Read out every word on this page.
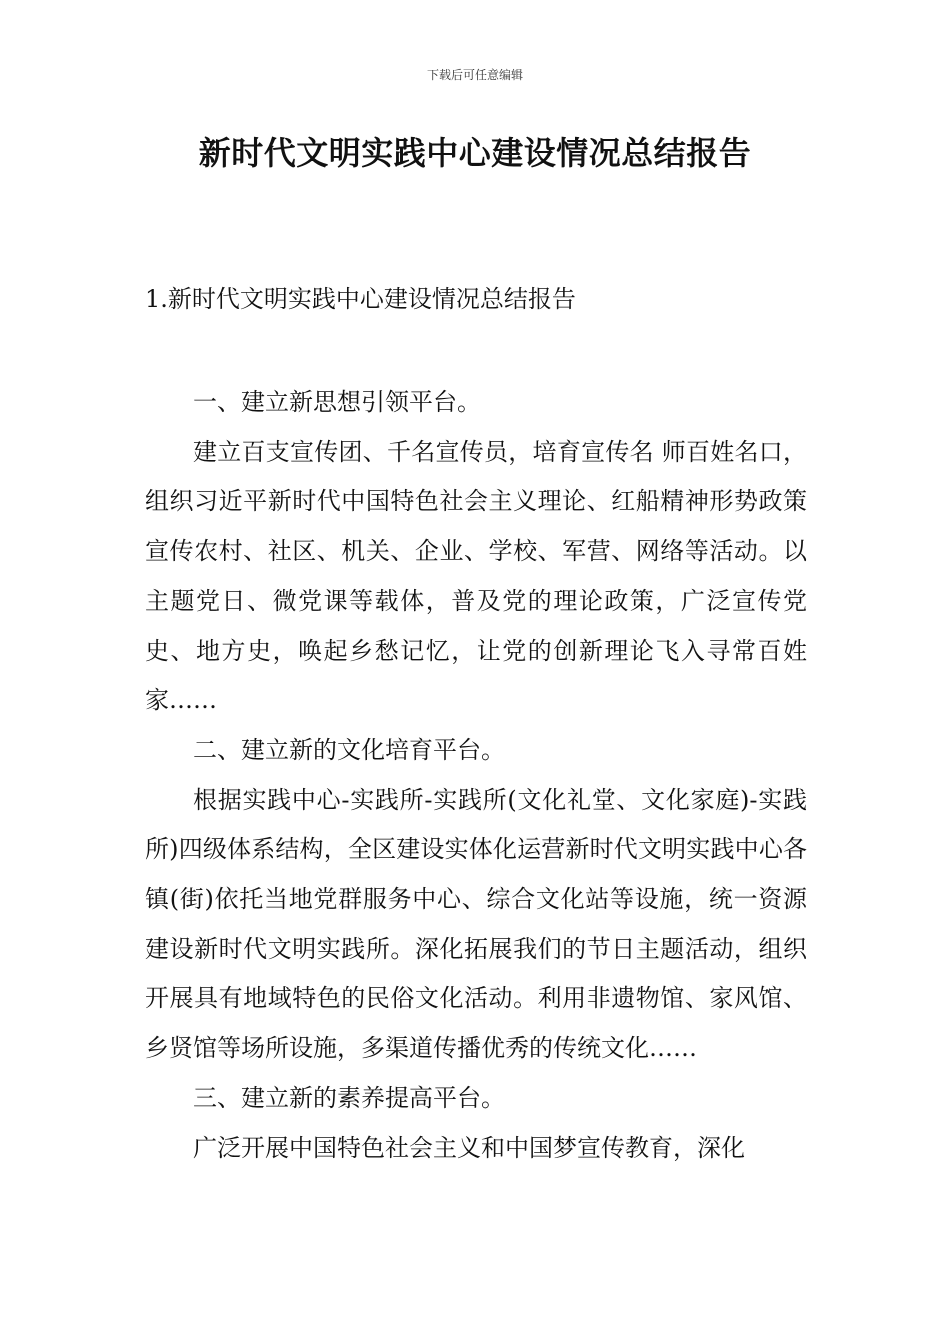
下载后可任意编辑
新时代文明实践中心建设情况总结报告
1.新时代文明实践中心建设情况总结报告

一、建立新思想引领平台。

建立百支宣传团、千名宣传员，培育宣传名 师百姓名口，组织习近平新时代中国特色社会主义理论、红船精神形势政策宣传农村、社区、机关、企业、学校、军营、网络等活动。以主题党日、微党课等载体，普及党的理论政策，广泛宣传党史、地方史，唤起乡愁记忆，让党的创新理论飞入寻常百姓家……

二、建立新的文化培育平台。

根据实践中心-实践所-实践所(文化礼堂、文化家庭)-实践所)四级体系结构，全区建设实体化运营新时代文明实践中心各镇(街)依托当地党群服务中心、综合文化站等设施，统一资源建设新时代文明实践所。深化拓展我们的节日主题活动，组织开展具有地域特色的民俗文化活动。利用非遗物馆、家风馆、乡贤馆等场所设施，多渠道传播优秀的传统文化……

三、建立新的素养提高平台。

广泛开展中国特色社会主义和中国梦宣传教育，深化
